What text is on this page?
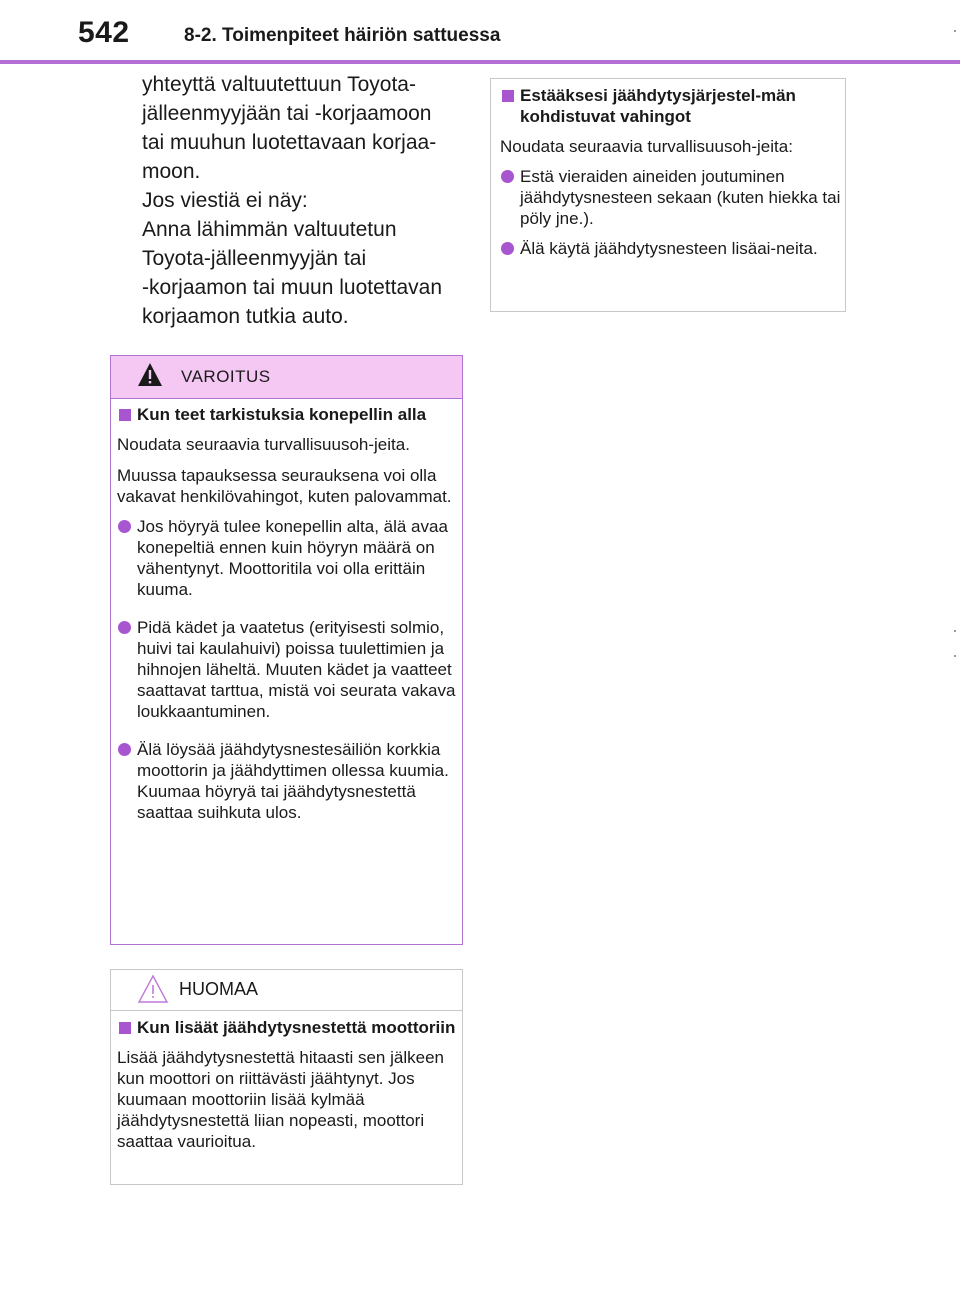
542	8-2. Toimenpiteet häiriön sattuessa

yhteyttä valtuutettuun Toyota-

jälleenmyyjään tai -korjaamoon

tai muuhun luotettavaan korjaa-

moon.

Jos viestiä ei näy:

Anna lähimmän valtuutetun

Toyota-jälleenmyyjän tai

-korjaamon tai muun luotettavan

korjaamon tutkia auto.

VAROITUS

Kun teet tarkistuksia konepellin alla

Noudata seuraavia turvallisuusoh-jeita.

Muussa tapauksessa seurauksena voi olla vakavat henkilövahingot, kuten palovammat.

Jos höyryä tulee konepellin alta, älä avaa konepeltiä ennen kuin höyryn määrä on vähentynyt. Moottoritila voi olla erittäin kuuma.

Pidä kädet ja vaatetus (erityisesti solmio, huivi tai kaulahuivi) poissa tuulettimien ja hihnojen läheltä. Muuten kädet ja vaatteet saattavat tarttua, mistä voi seurata vakava loukkaantuminen.

Älä löysää jäähdytysnestesäiliön korkkia moottorin ja jäähdyttimen ollessa kuumia. Kuumaa höyryä tai jäähdytysnestettä saattaa suihkuta ulos.

HUOMAA

Kun lisäät jäähdytysnestettä moottoriin

Lisää jäähdytysnestettä hitaasti sen jälkeen kun moottori on riittävästi jäähtynyt. Jos kuumaan moottoriin lisää kylmää jäähdytysnestettä liian nopeasti, moottori saattaa vaurioitua.

Estääksesi jäähdytysjärjestel-män kohdistuvat vahingot

Noudata seuraavia turvallisuusoh-jeita:

Estä vieraiden aineiden joutuminen jäähdytysnesteen sekaan (kuten hiekka tai pöly jne.).

Älä käytä jäähdytysnesteen lisäai-neita.
